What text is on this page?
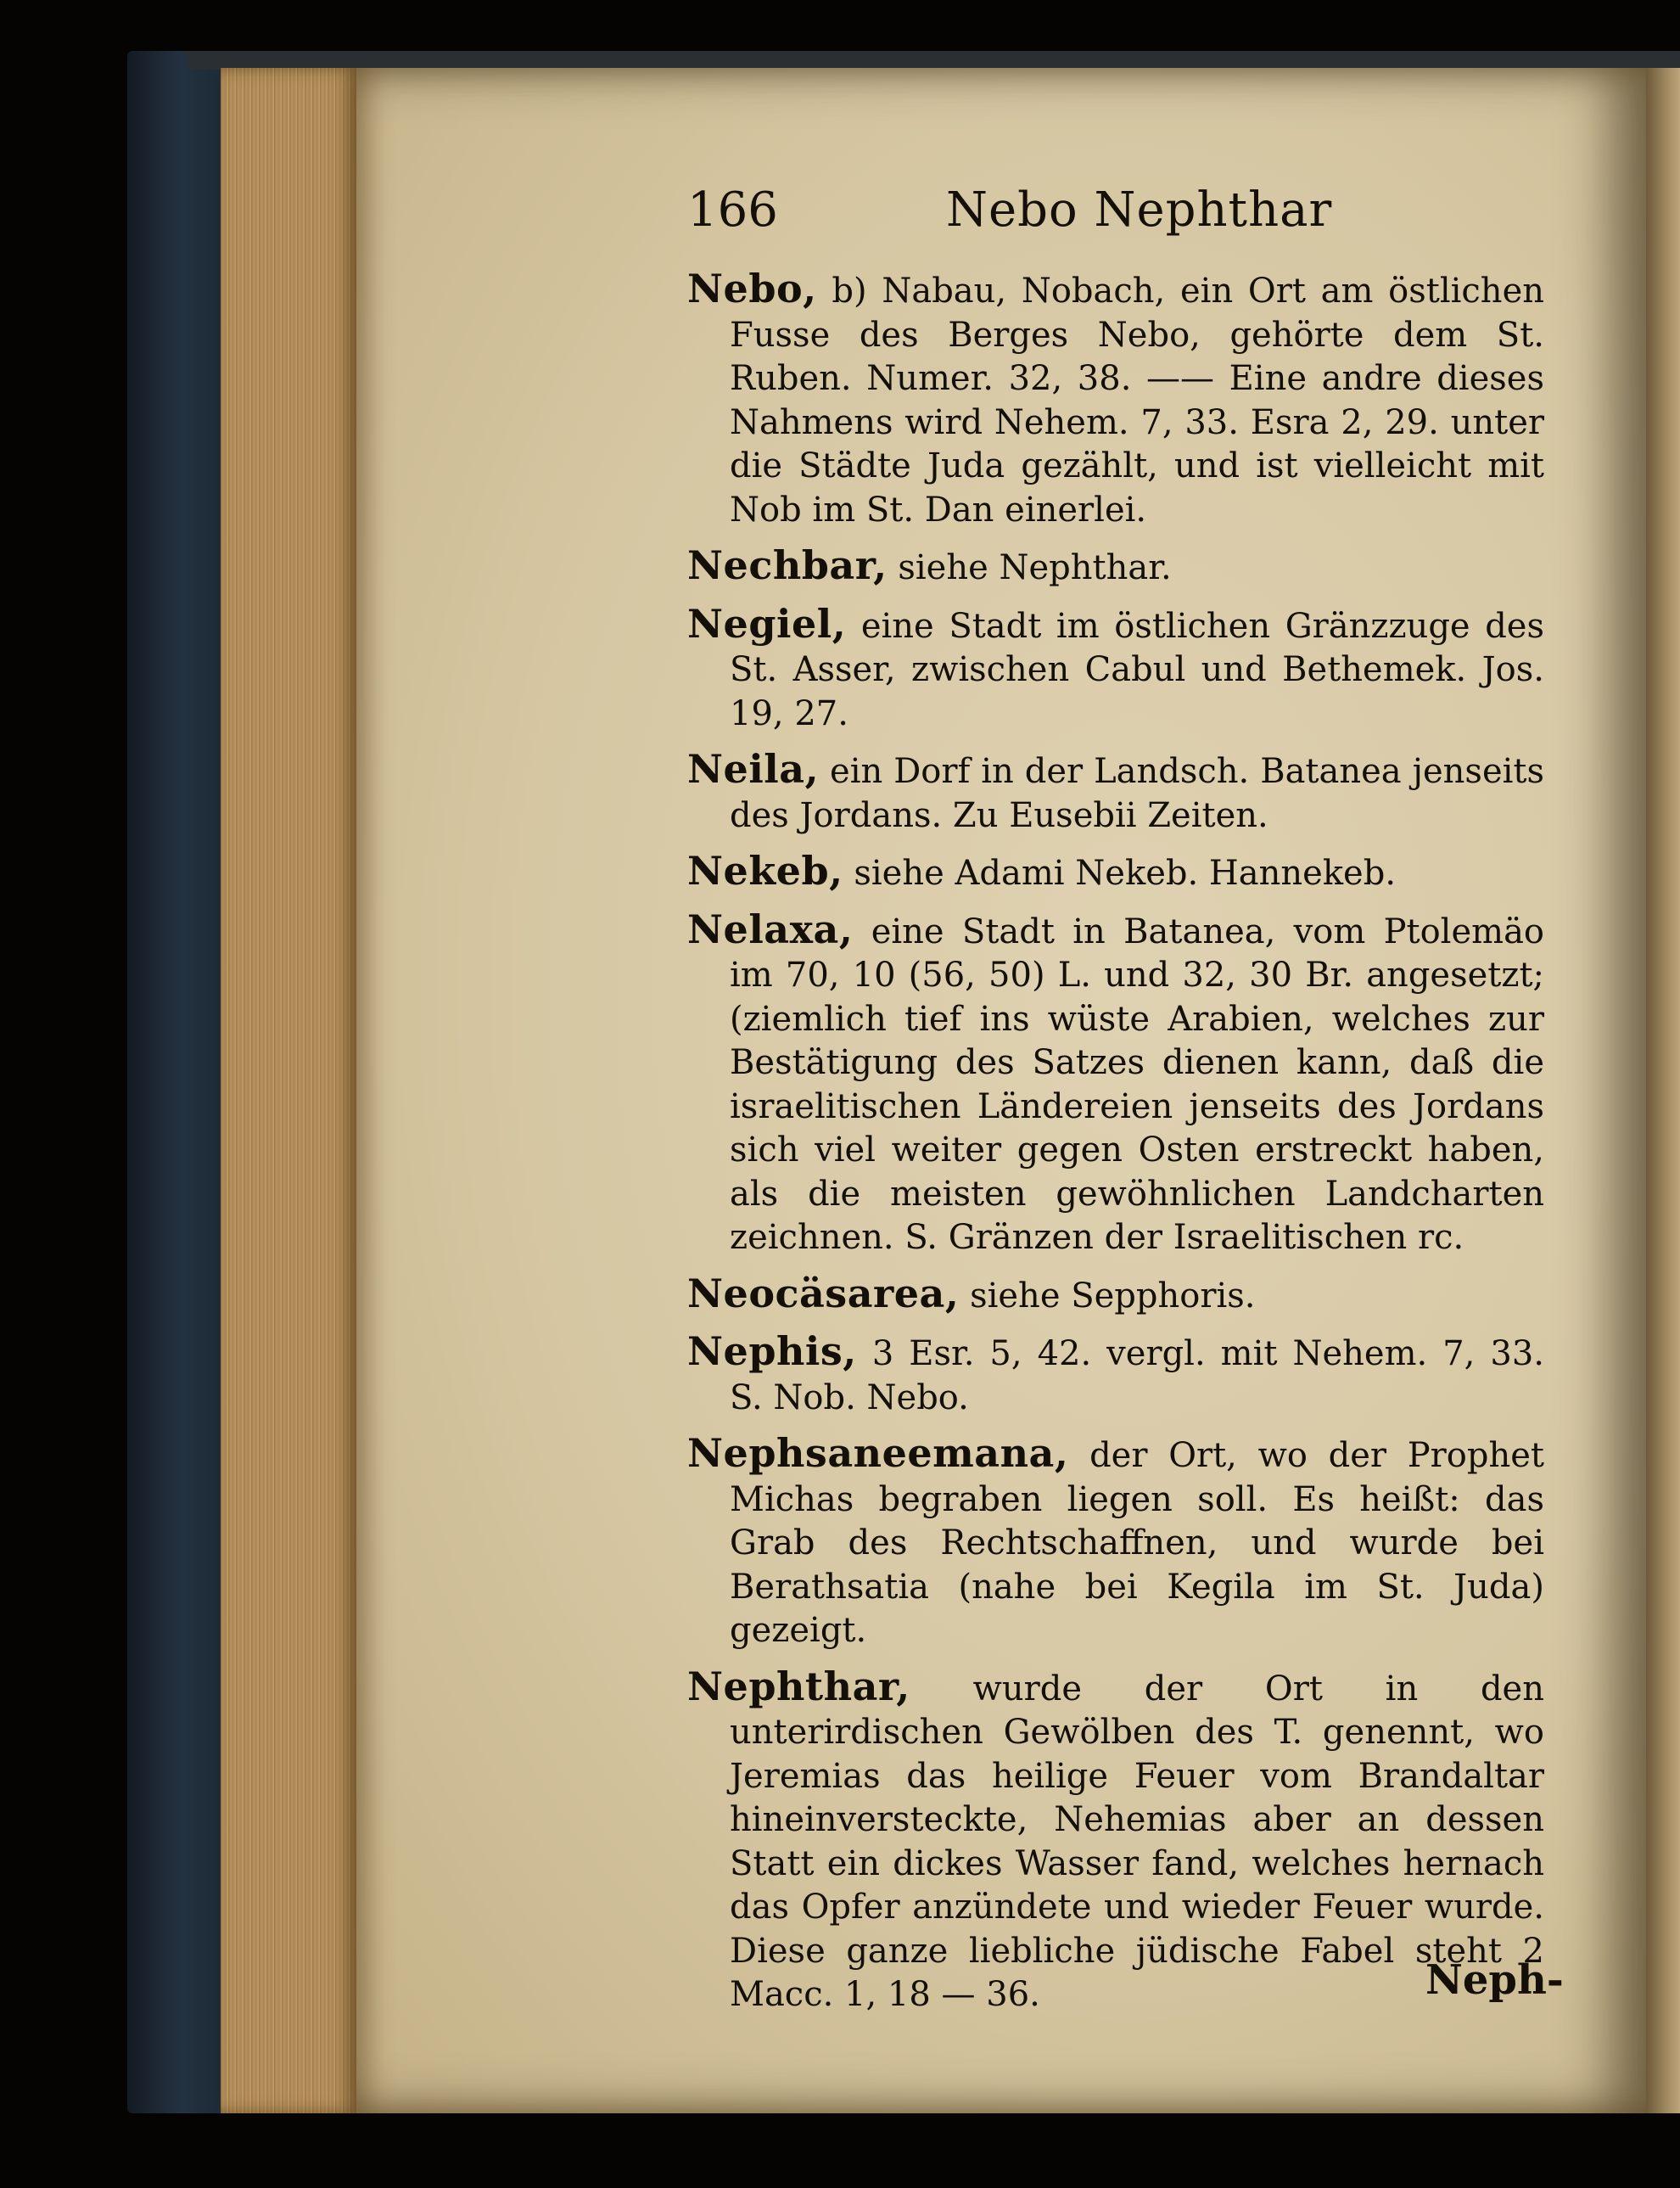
166	Nebo Nephthar

Nebo, b) Nabau, Nobach, ein Ort am östlichen Fusse des Berges Nebo, gehörte dem St. Ruben. Numer. 32, 38. —— Eine andre dieses Nahmens wird Nehem. 7, 33. Esra 2, 29. unter die Städte Juda gezählt, und ist vielleicht mit Nob im St. Dan einerlei.

Nechbar, siehe Nephthar.

Negiel, eine Stadt im östlichen Gränzzuge des St. Asser, zwischen Cabul und Bethemek. Jos. 19, 27.

Neila, ein Dorf in der Landsch. Batanea jenseits des Jordans. Zu Eusebii Zeiten.

Nekeb, siehe Adami Nekeb. Hannekeb.

Nelaxa, eine Stadt in Batanea, vom Ptolemäo im 70, 10 (56, 50) L. und 32, 30 Br. angesetzt; (ziemlich tief ins wüste Arabien, welches zur Bestätigung des Satzes dienen kann, daß die israelitischen Ländereien jenseits des Jordans sich viel weiter gegen Osten erstreckt haben, als die meisten gewöhnlichen Landcharten zeichnen. S. Gränzen der Israelitischen rc.

Neocäsarea, siehe Sepphoris.

Nephis, 3 Esr. 5, 42. vergl. mit Nehem. 7, 33. S. Nob. Nebo.

Nephsaneemana, der Ort, wo der Prophet Michas begraben liegen soll. Es heißt: das Grab des Rechtschaffnen, und wurde bei Berathsatia (nahe bei Kegila im St. Juda) gezeigt.

Nephthar, wurde der Ort in den unterirdischen Gewölben des T. genennt, wo Jeremias das heilige Feuer vom Brandaltar hineinversteckte, Nehemias aber an dessen Statt ein dickes Wasser fand, welches hernach das Opfer anzündete und wieder Feuer wurde. Diese ganze liebliche jüdische Fabel steht 2 Macc. 1, 18 — 36.	Neph-
